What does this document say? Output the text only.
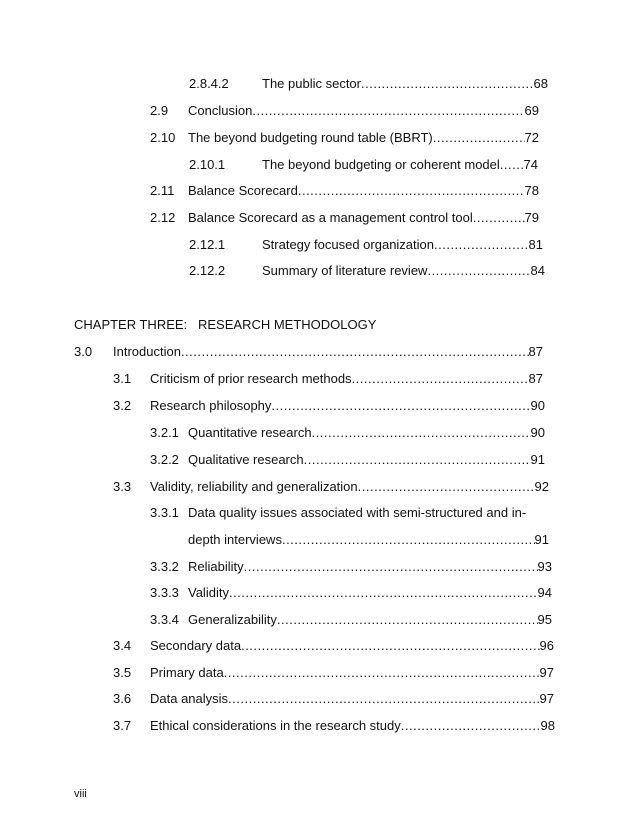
2.8.4.2	The public sector .....	68
2.9 Conclusion .....	69
2.10 The beyond budgeting round table (BBRT) .....	72
2.10.1	The beyond budgeting or coherent model ..... 74
2.11 Balance Scorecard .....	78
2.12 Balance Scorecard as a management control tool .....	79
2.12.1	Strategy focused organization .....	81
2.12.2	Summary of literature review .....	84
CHAPTER THREE:   RESEARCH METHODOLOGY
3.0 Introduction .....	87
3.1 Criticism of prior research methods .....	87
3.2 Research philosophy .....	90
3.2.1 Quantitative research .....	90
3.2.2 Qualitative research .....	91
3.3 Validity, reliability and generalization .....	92
3.3.1 Data quality issues associated with semi-structured and in-
depth interviews .....	91
3.3.2 Reliability .....	93
3.3.3 Validity .....	94
3.3.4 Generalizability .....	95
3.4 Secondary data .....	96
3.5 Primary data .....	97
3.6 Data analysis .....	97
3.7 Ethical considerations in the research study .....	98
viii
